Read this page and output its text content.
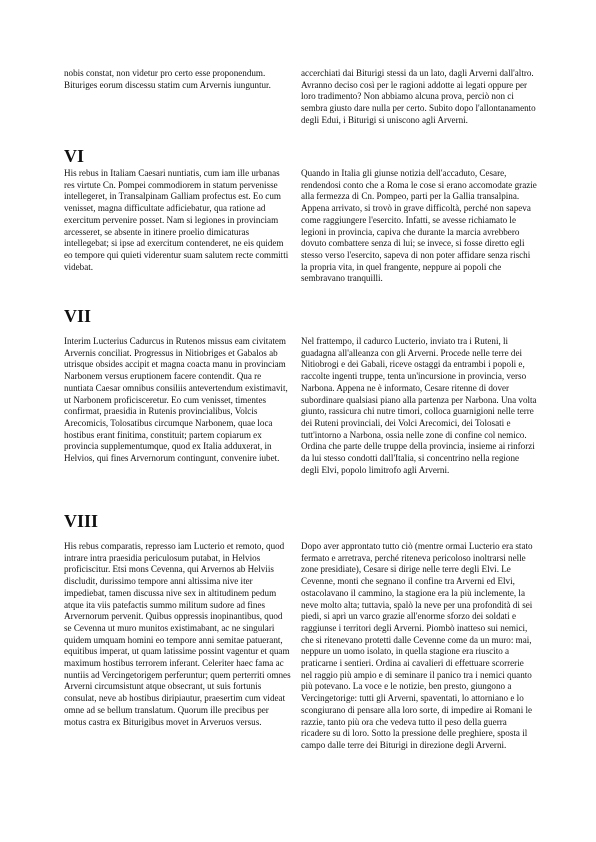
nobis constat, non videtur pro certo esse proponendum. Bituriges eorum discessu statim cum Arvernis iunguntur.

accerchiati dai Biturigi stessi da un lato, dagli Arverni dall'altro. Avranno deciso così per le ragioni addotte ai legati oppure per loro tradimento? Non abbiamo alcuna prova, perciò non ci sembra giusto dare nulla per certo. Subito dopo l'allontanamento degli Edui, i Biturigi si uniscono agli Arverni.

VI

His rebus in Italiam Caesari nuntiatis, cum iam ille urbanas res virtute Cn. Pompei commodiorem in statum pervenisse intellegeret, in Transalpinam Galliam profectus est. Eo cum venisset, magna difficultate adficiebatur, qua ratione ad exercitum pervenire posset. Nam si legiones in provinciam arcesseret, se absente in itinere proelio dimicaturas intellegebat; si ipse ad exercitum contenderet, ne eis quidem eo tempore qui quieti viderentur suam salutem recte committi videbat.

Quando in Italia gli giunse notizia dell'accaduto, Cesare, rendendosi conto che a Roma le cose si erano accomodate grazie alla fermezza di Cn. Pompeo, parti per la Gallia transalpina. Appena arrivato, si trovò in grave difficoltà, perché non sapeva come raggiungere l'esercito. Infatti, se avesse richiamato le legioni in provincia, capiva che durante la marcia avrebbero dovuto combattere senza di lui; se invece, si fosse diretto egli stesso verso l'esercito, sapeva di non poter affidare senza rischi la propria vita, in quel frangente, neppure ai popoli che sembravano tranquilli.

VII

Interim Lucterius Cadurcus in Rutenos missus eam civitatem Arvernis conciliat. Progressus in Nitiobriges et Gabalos ab utrisque obsides accipit et magna coacta manu in provinciam Narbonem versus eruptionem facere contendit. Qua re nuntiata Caesar omnibus consiliis antevertendum existimavit, ut Narbonem proficisceretur. Eo cum venisset, timentes confirmat, praesidia in Rutenis provincialibus, Volcis Arecomicis, Tolosatibus circumque Narbonem, quae loca hostibus erant finitima, constituit; partem copiarum ex provincia supplementumque, quod ex Italia adduxerat, in Helvios, qui fines Arvernorum contingunt, convenire iubet.

Nel frattempo, il cadurco Lucterio, inviato tra i Ruteni, li guadagna all'alleanza con gli Arverni. Procede nelle terre dei Nitiobrogi e dei Gabali, riceve ostaggi da entrambi i popoli e, raccolte ingenti truppe, tenta un'incursione in provincia, verso Narbona. Appena ne è informato, Cesare ritenne di dover subordinare qualsiasi piano alla partenza per Narbona. Una volta giunto, rassicura chi nutre timori, colloca guarnigioni nelle terre dei Ruteni provinciali, dei Volci Arecomici, dei Tolosati e tutt'intorno a Narbona, ossia nelle zone di confine col nemico. Ordina che parte delle truppe della provincia, insieme ai rinforzi da lui stesso condotti dall'Italia, si concentrino nella regione degli Elvi, popolo limitrofo agli Arverni.

VIII

His rebus comparatis, represso iam Lucterio et remoto, quod intrare intra praesidia periculosum putabat, in Helvios proficiscitur. Etsi mons Cevenna, qui Arvernos ab Helviis discludit, durissimo tempore anni altissima nive iter impediebat, tamen discussa nive sex in altitudinem pedum atque ita viis patefactis summo militum sudore ad fines Arvernorum pervenit. Quibus oppressis inopinantibus, quod se Cevenna ut muro munitos existimabant, ac ne singulari quidem umquam homini eo tempore anni semitae patuerant, equitibus imperat, ut quam latissime possint vagentur et quam maximum hostibus terrorem inferant. Celeriter haec fama ac nuntiis ad Vercingetorigem perferuntur; quem perterriti omnes Arverni circumsistunt atque obsecrant, ut suis fortunis consulat, neve ab hostibus diripiautur, praesertim cum videat omne ad se bellum translatum. Quorum ille precibus per motus castra ex Biturigibus movet in Arveruos versus.

Dopo aver approntato tutto ciò (mentre ormai Lucterio era stato fermato e arretrava, perché riteneva pericoloso inoltrarsi nelle zone presidiate), Cesare si dirige nelle terre degli Elvi. Le Cevenne, monti che segnano il confine tra Arverni ed Elvi, ostacolavano il cammino, la stagione era la più inclemente, la neve molto alta; tuttavia, spalò la neve per una profondità di sei piedi, si aprì un varco grazie all'enorme sforzo dei soldati e raggiunse i territori degli Arverni. Piombò inatteso sui nemici, che si ritenevano protetti dalle Cevenne come da un muro: mai, neppure un uomo isolato, in quella stagione era riuscito a praticarne i sentieri. Ordina ai cavalieri di effettuare scorrerie nel raggio più ampio e di seminare il panico tra i nemici quanto più potevano. La voce e le notizie, ben presto, giungono a Vercingetorige: tutti gli Arverni, spaventati, lo attorniano e lo scongiurano di pensare alla loro sorte, di impedire ai Romani le razzie, tanto più ora che vedeva tutto il peso della guerra ricadere su di loro. Sotto la pressione delle preghiere, sposta il campo dalle terre dei Biturigi in direzione degli Arverni.
